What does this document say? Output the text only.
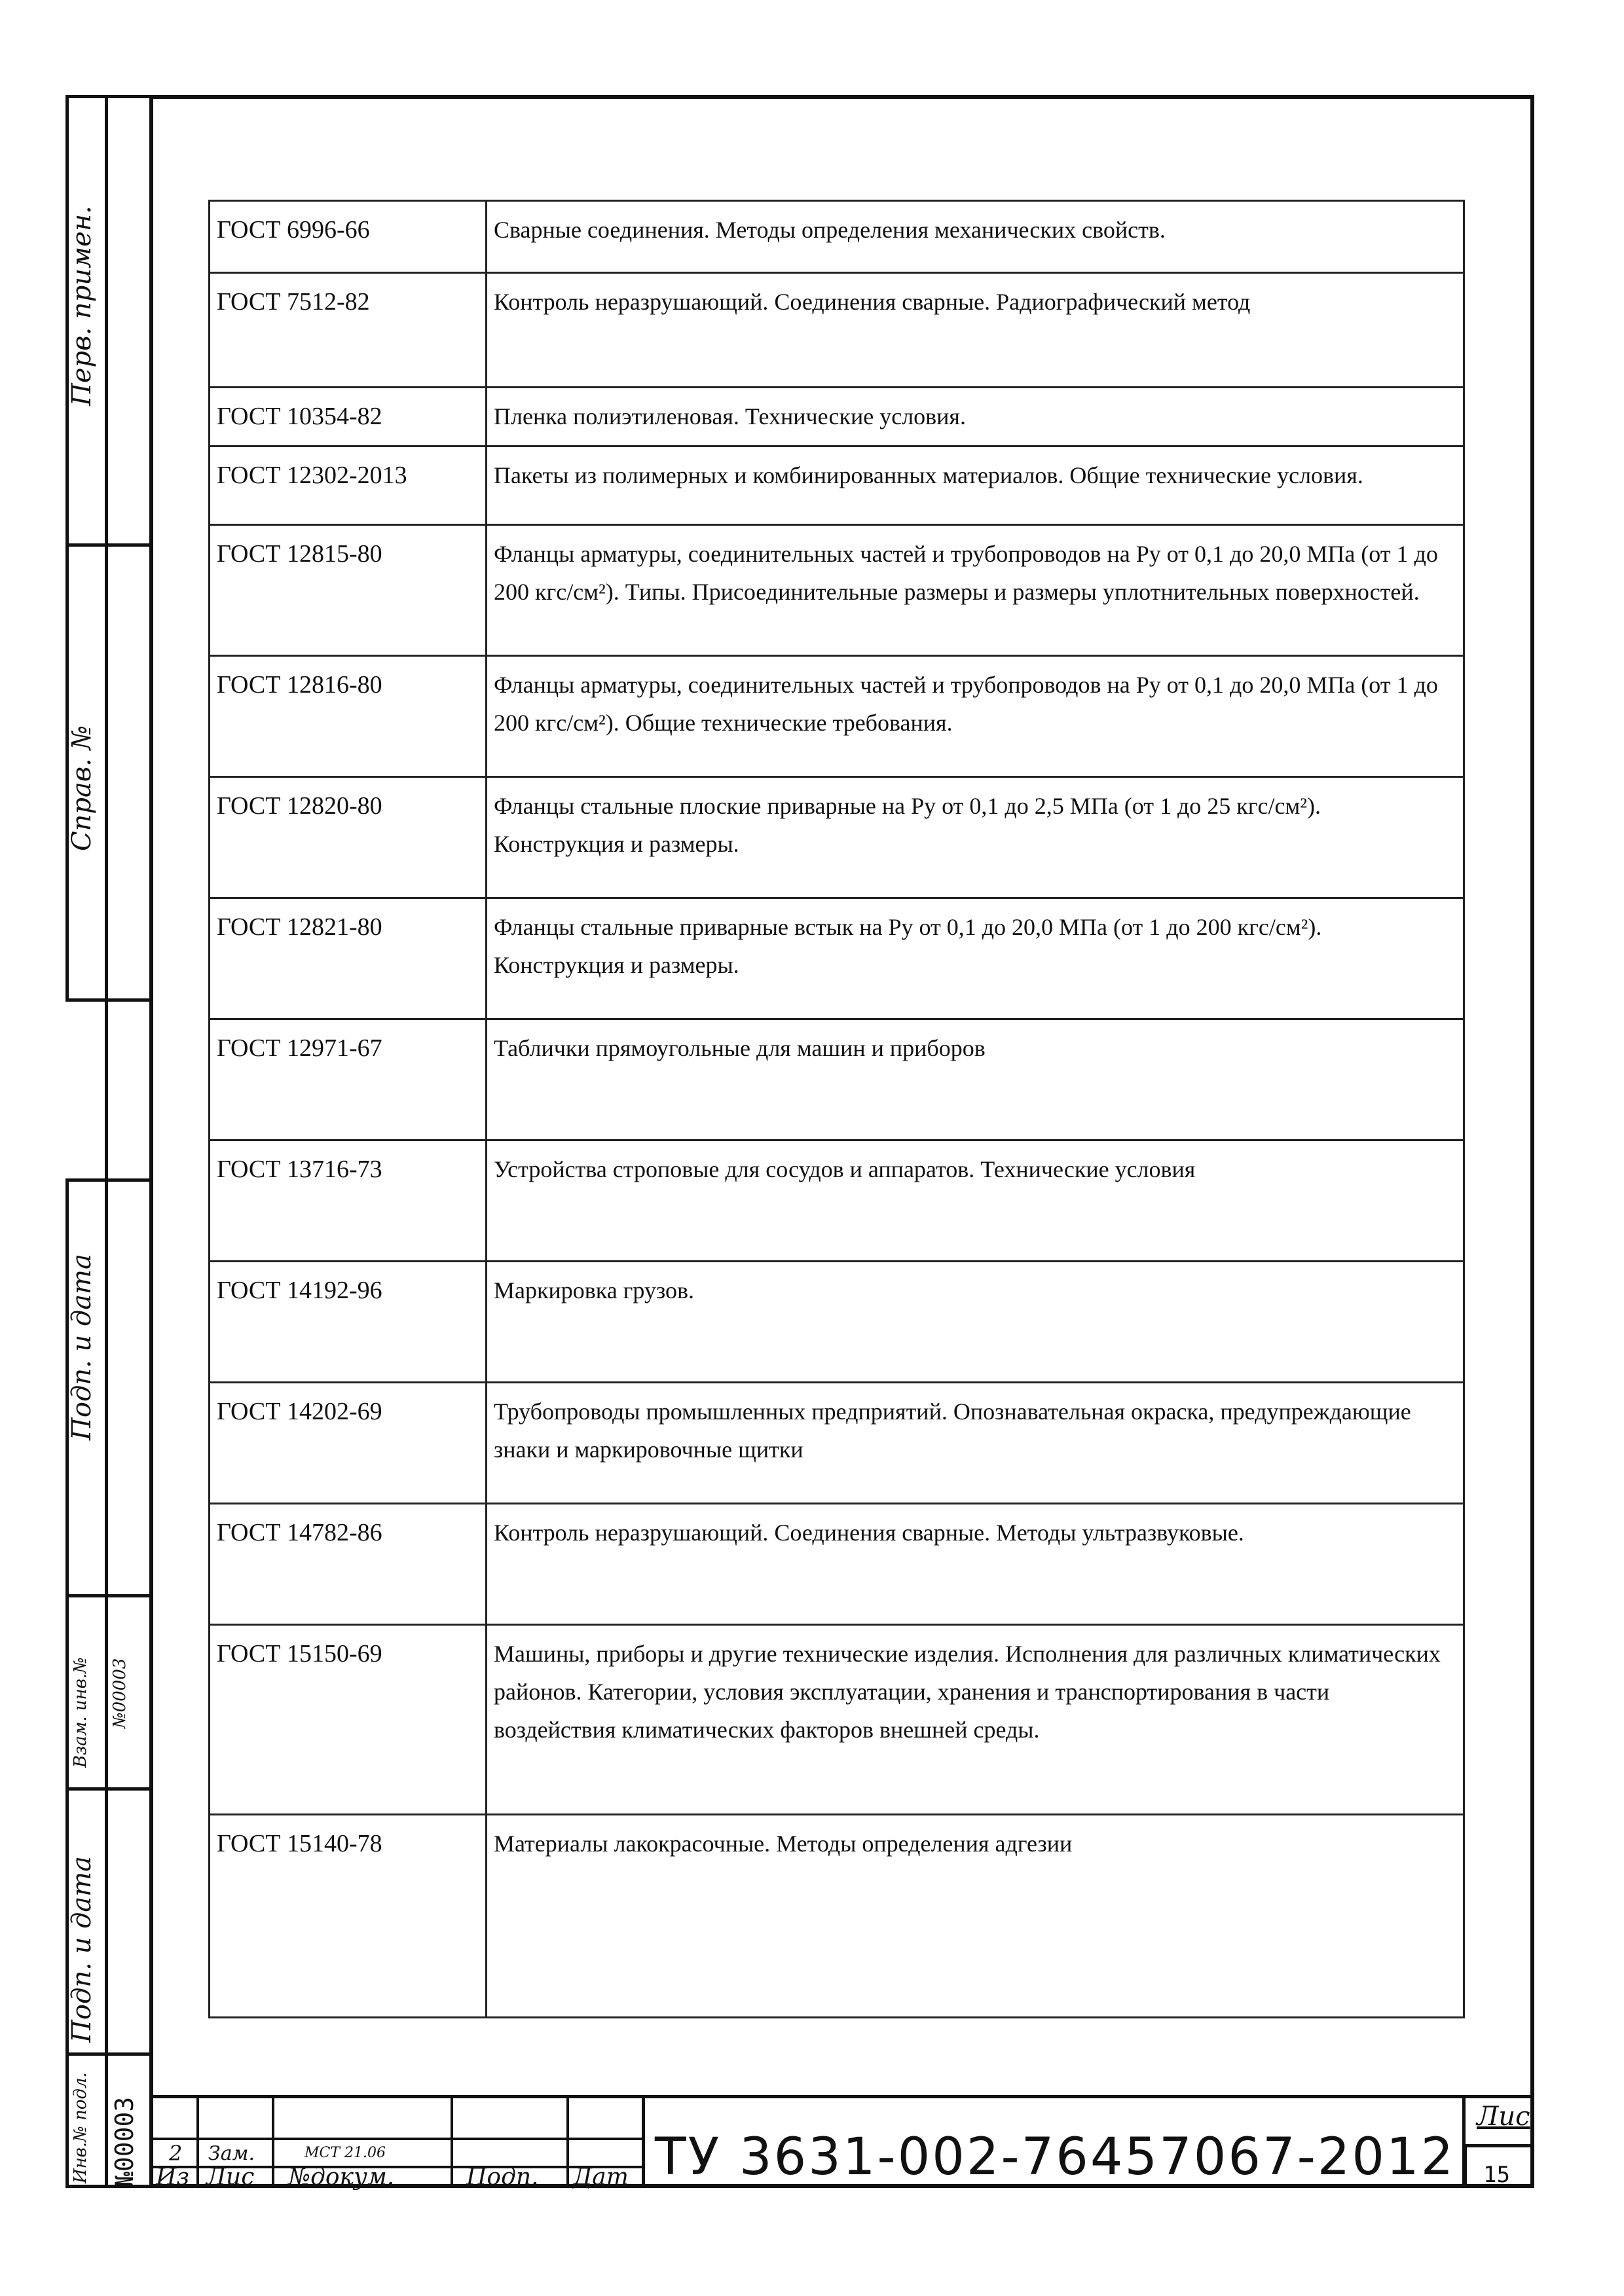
Перв. примен.
Справ. №
Подп. и дата
Взам. инв.№ №00003
Подп. и дата
Инв.№ подл. №00003
ГОСТ 6996-66	Сварные соединения. Методы определения механических свойств.
ГОСТ 7512-82	Контроль неразрушающий. Соединения сварные. Радиографический метод
ГОСТ 10354-82	Пленка полиэтиленовая. Технические условия.
ГОСТ 12302-2013	Пакеты из полимерных и комбинированных материалов. Общие технические условия.
ГОСТ 12815-80	Фланцы арматуры, соединительных частей и трубопроводов на Pу от 0,1 до 20,0 МПа (от 1 до 200 кгс/см²). Типы. Присоединительные размеры и размеры уплотнительных поверхностей.
ГОСТ 12816-80	Фланцы арматуры, соединительных частей и трубопроводов на Pу от 0,1 до 20,0 МПа (от 1 до 200 кгс/см²). Общие технические требования.
ГОСТ 12820-80	Фланцы стальные плоские приварные на Pу от 0,1 до 2,5 МПа (от 1 до 25 кгс/см²). Конструкция и размеры.
ГОСТ 12821-80	Фланцы стальные приварные встык на Pу от 0,1 до 20,0 МПа (от 1 до 200 кгс/см²). Конструкция и размеры.
ГОСТ 12971-67	Таблички прямоугольные для машин и приборов
ГОСТ 13716-73	Устройства строповые для сосудов и аппаратов. Технические условия
ГОСТ 14192-96	Маркировка грузов.
ГОСТ 14202-69	Трубопроводы промышленных предприятий. Опознавательная окраска, предупреждающие знаки и маркировочные щитки
ГОСТ 14782-86	Контроль неразрушающий. Соединения сварные. Методы ультразвуковые.
ГОСТ 15150-69	Машины, приборы и другие технические изделия. Исполнения для различных климатических районов. Категории, условия эксплуатации, хранения и транспортирования в части воздействия климатических факторов внешней среды.
ГОСТ 15140-78	Материалы лакокрасочные. Методы определения адгезии
2 Зам.	МСТ 21.06
Из Лис №докум.	Подп. Дат ТУ 3631-002-76457067-2012
Лис
15
